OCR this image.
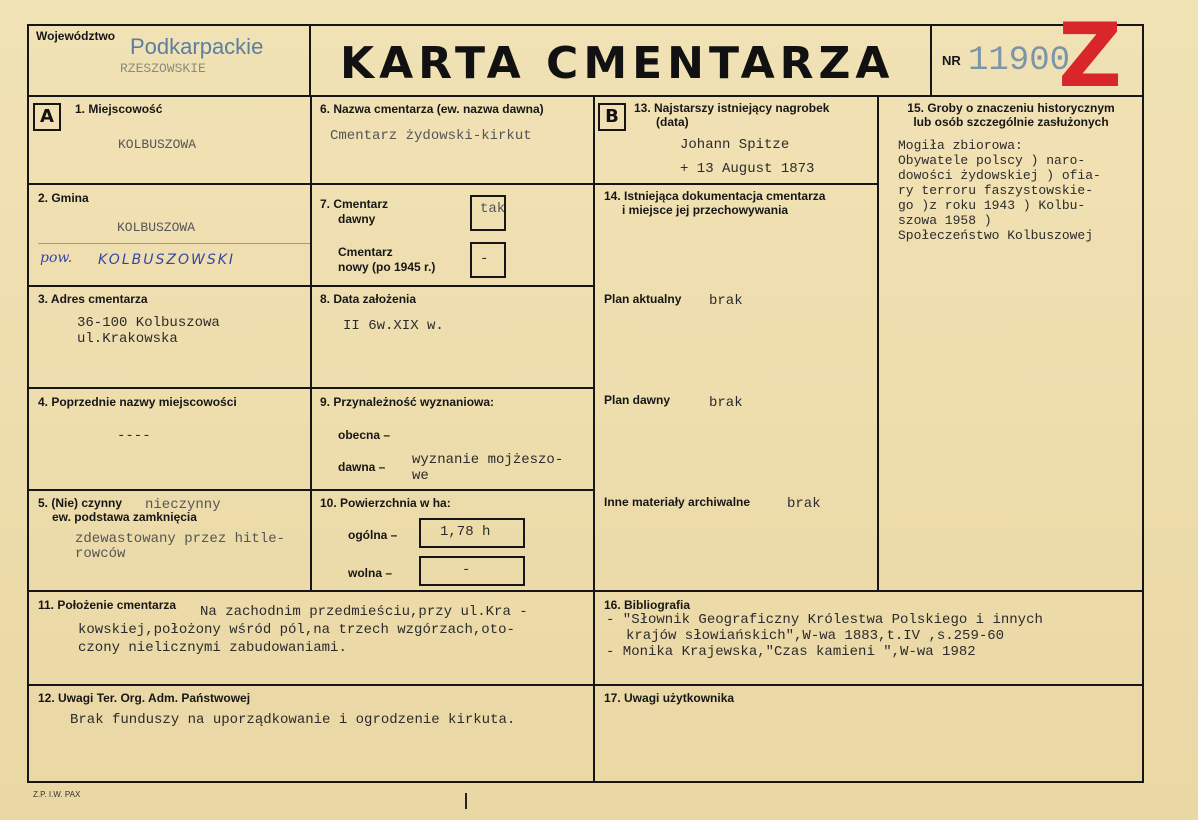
Województwo Podkarpackie
RZESZOWSKIE	KARTA CMENTARZA	NR 11900
Z
A	B
1. Miejscowość
KOLBUSZOWA
2. Gmina
KOLBUSZOWA
pow. KOLBUSZOWSKI
3. Adres cmentarza
36-100 Kolbuszowa
ul.Krakowska
4. Poprzednie nazwy miejscowości
----
5. (Nie) czynny
ew. podstawa zamknięcia
nieczynny
zdewastowany przez hitle-
rowców
6. Nazwa cmentarza (ew. nazwa dawna)
Cmentarz żydowski-kirkut
7. Cmentarz
dawny
tak
Cmentarz
nowy (po 1945 r.)	-
8. Data założenia
II 6w.XIX w.
9. Przynależność wyznaniowa:
obecna –
dawna – wyznanie mojżeszo-
we
10. Powierzchnia w ha:
ogólna –	1,78 h
wolna –	-
13. Najstarszy istniejący nagrobek
(data)
Johann Spitze
+ 13 August 1873
14. Istniejąca dokumentacja cmentarza
i miejsce jej przechowywania
Plan aktualny brak
Plan dawny	brak
Inne materiały archiwalne	brak
15. Groby o znaczeniu historycznym
lub osób szczególnie zasłużonych
Mogiła zbiorowa:
Obywatele polscy ) naro-
dowości żydowskiej ) ofia-
ry terroru faszystowskie-
go )z roku 1943 ) Kolbu-
szowa 1958 )
Społeczeństwo Kolbuszowej
11. Położenie cmentarza Na zachodnim przedmieściu,przy ul.Kra -
kowskiej,położony wśród pól,na trzech wzgórzach,oto-
czony nielicznymi zabudowaniami.
16. Bibliografia
- "Słownik Geograficzny Królestwa Polskiego i innych
krajów słowiańskich",W-wa 1883,t.IV ,s.259-60
- Monika Krajewska,"Czas kamieni ",W-wa 1982
12. Uwagi Ter. Org. Adm. Państwowej
Brak funduszy na uporządkowanie i ogrodzenie kirkuta.
17. Uwagi użytkownika
Z.P. I.W. PAX
